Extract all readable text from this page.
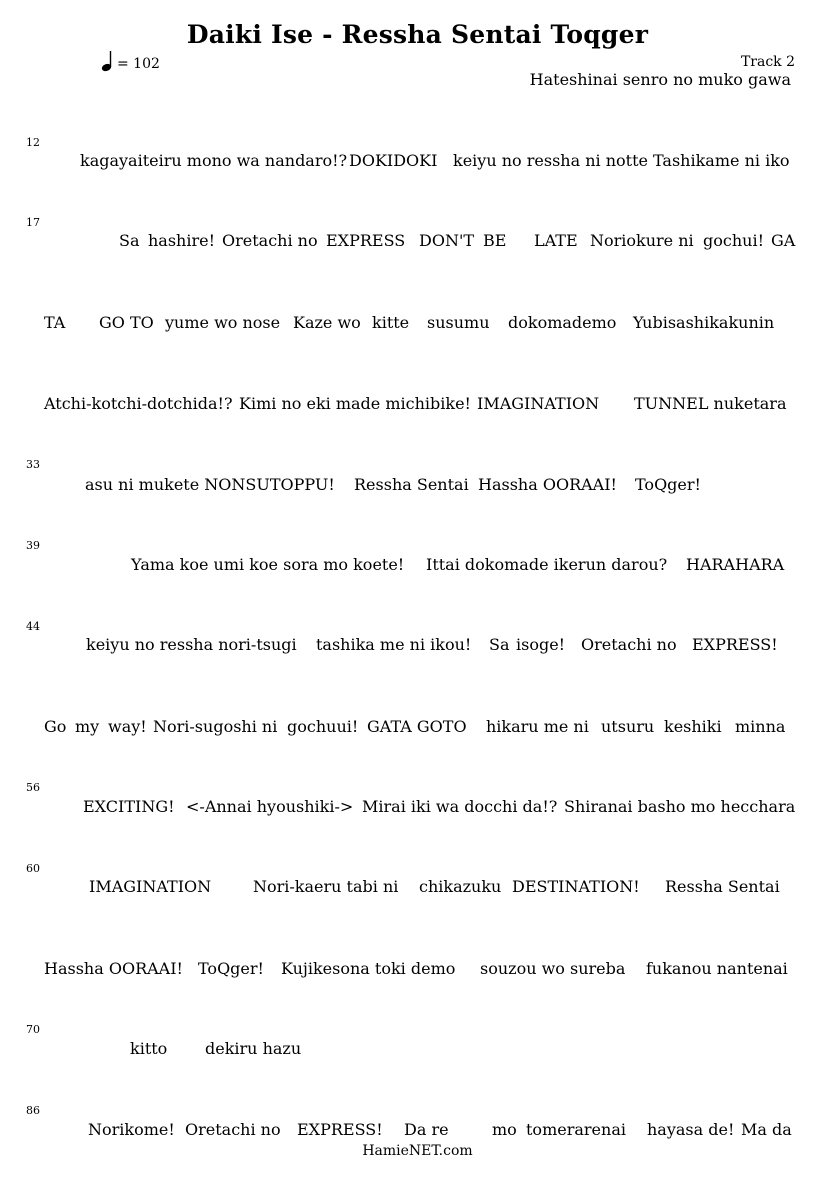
Daiki Ise - Ressha Sentai Toqger
= 102	Track 2
Hateshinai senro no muko gawa
12
kagayaiteiru mono wa nandaro!? DOKIDOKI keiyu no ressha ni notte Tashikame ni iko
17
Sa hashire! Oretachi no EXPRESS DON'T BE LATE Noriokure ni gochui! GA
TA GO TO yume wo nose Kaze wo kitte susumu dokomademo Yubisashikakunin
Atchi-kotchi-dotchida!? Kimi no eki made michibike! IMAGINATION TUNNEL nuketara
33
asu ni mukete NONSUTOPPU! Ressha Sentai Hassha OORAAI! ToQger!
39
Yama koe umi koe sora mo koete! Ittai dokomade ikerun darou? HARAHARA
44
keiyu no ressha nori-tsugi tashika me ni ikou! Sa isoge! Oretachi no EXPRESS!
Go my way! Nori-sugoshi ni gochuui! GATA GOTO hikaru me ni utsuru keshiki minna
56
EXCITING! <-Annai hyoushiki-> Mirai iki wa docchi da!? Shiranai basho mo hecchara
60
IMAGINATION	Nori-kaeru tabi ni chikazuku DESTINATION! Ressha Sentai
Hassha OORAAI! ToQger! Kujikesona toki demo souzou wo sureba fukanou nantenai
70
kitto dekiru hazu
86
Norikome! Oretachi no EXPRESS! Da re	mo tomerarenai hayasa de! Ma da
HamieNET.com
